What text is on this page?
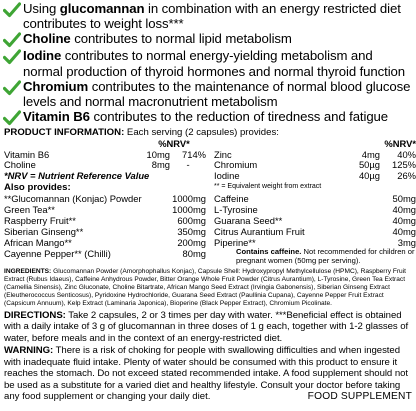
Using glucomannan in combination with an energy restricted diet contributes to weight loss***
Choline contributes to normal lipid metabolism
Iodine contributes to normal energy-yielding metabolism and normal production of thyroid hormones and normal thyroid function
Chromium contributes to the maintenance of normal blood glucose levels and normal macronutrient metabolism
Vitamin B6 contributes to the reduction of tiredness and fatigue
PRODUCT INFORMATION: Each serving (2 capsules) provides:
%NRV*
Vitamin B6	10mg	714%
Choline	8mg	-
*NRV = Nutrient Reference Value
%NRV*
Zinc	4mg	40%
Chromium	50µg	125%
Iodine	40µg	26%
Also provides:	** = Equivalent weight from extract
**Glucomannan (Konjac) Powder	1000mg
Green Tea**	1000mg
Raspberry Fruit**	600mg
Siberian Ginseng**	350mg
African Mango**	200mg
Cayenne Pepper** (Chilli)	80mg
Caffeine	50mg
L-Tyrosine	40mg
Guarana Seed**	40mg
Citrus Aurantium Fruit	40mg
Piperine**	3mg
Contains caffeine. Not recommended for children or pregnant women (50mg per serving).
INGREDIENTS: Glucomannan Powder (Amorphophallus Konjac), Capsule Shell: Hydroxypropyl Methylcellulose (HPMC), Raspberry Fruit Extract (Rubus Idaeus), Caffeine Anhydrous Powder, Bitter Orange Whole Fruit Powder (Citrus Aurantium), L-Tyrosine, Green Tea Extract (Camellia Sinensis), Zinc Gluconate, Choline Bitartrate, African Mango Seed Extract (Irvingia Gabonensis), Siberian Ginseng Extract (Eleutherococcus Senticosus), Pyridoxine Hydrochloride, Guarana Seed Extract (Paullinia Cupana), Cayenne Pepper Fruit Extract (Capsicum Annuum), Kelp Extract (Laminaria Japonica), Bioperine (Black Pepper Extract), Chromium Picolinate.
DIRECTIONS: Take 2 capsules, 2 or 3 times per day with water. ***Beneficial effect is obtained with a daily intake of 3 g of glucomannan in three doses of 1 g each, together with 1-2 glasses of water, before meals and in the context of an energy-restricted diet.
WARNING: There is a risk of choking for people with swallowing difficulties and when ingested with inadequate fluid intake. Plenty of water should be consumed with this product to ensure it reaches the stomach. Do not exceed stated recommended intake. A food supplement should not be used as a substitute for a varied diet and healthy lifestyle. Consult your doctor before taking
any food supplement or changing your daily diet.	FOOD SUPPLEMENT
